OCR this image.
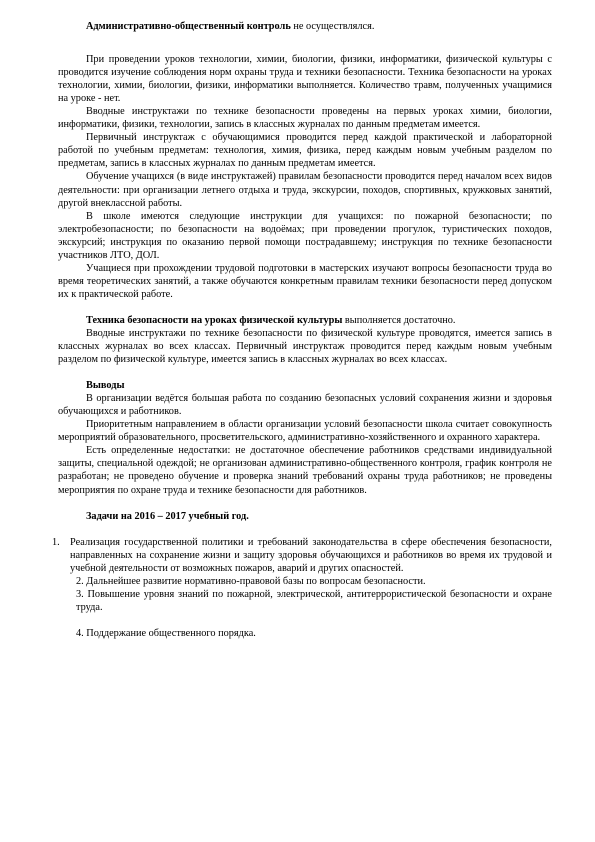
Административно-общественный контроль не осуществлялся.

При проведении уроков технологии, химии, биологии, физики, информатики, физической культуры с проводится изучение соблюдения норм охраны труда и техники безопасности. Техника безопасности на уроках технологии, химии, биологии, физики, информатики выполняется. Количество травм, полученных учащимися на уроке - нет.

Вводные инструктажи по технике безопасности проведены на первых уроках химии, биологии, информатики, физики, технологии, запись в классных журналах по данным предметам имеется.

Первичный инструктаж с обучающимися проводится перед каждой практической и лабораторной работой по учебным предметам: технология, химия, физика, перед каждым новым учебным разделом по предметам, запись в классных журналах по данным предметам имеется.

Обучение учащихся (в виде инструктажей) правилам безопасности проводится перед началом всех видов деятельности: при организации летнего отдыха и труда, экскурсии, походов, спортивных, кружковых занятий, другой внеклассной работы.

В школе имеются следующие инструкции для учащихся: по пожарной безопасности; по электробезопасности; по безопасности на водоёмах; при проведении прогулок, туристических походов, экскурсий; инструкция по оказанию первой помощи пострадавшему; инструкция по технике безопасности участников ЛТО, ДОЛ.

Учащиеся при прохождении трудовой подготовки в мастерских изучают вопросы безопасности труда во время теоретических занятий, а также обучаются конкретным правилам техники безопасности перед допуском их к практической работе.

Техника безопасности на уроках физической культуры выполняется достаточно.

Вводные инструктажи по технике безопасности по физической культуре проводятся, имеется запись в классных журналах во всех классах. Первичный инструктаж проводится перед каждым новым учебным разделом по физической культуре, имеется запись в классных журналах во всех классах.

Выводы

В организации ведётся большая работа по созданию безопасных условий сохранения жизни и здоровья обучающихся и работников.

Приоритетным направлением в области организации условий безопасности школа считает совокупность мероприятий образовательного, просветительского, административно-хозяйственного и охранного характера.

Есть определенные недостатки: не достаточное обеспечение работников средствами индивидуальной защиты, специальной одеждой; не организован административно-общественного контроля, график контроля не разработан; не проведено обучение и проверка знаний требований охраны труда работников; не проведены мероприятия по охране труда и технике безопасности для работников.

Задачи на 2016 – 2017 учебный год.

1. Реализация государственной политики и требований законодательства в сфере обеспечения безопасности, направленных на сохранение жизни и защиту здоровья обучающихся и работников во время их трудовой и учебной деятельности от возможных пожаров, аварий и других опасностей.

2. Дальнейшее развитие нормативно-правовой базы по вопросам безопасности.

3. Повышение уровня знаний по пожарной, электрической, антитеррористической безопасности и охране труда.

4. Поддержание общественного порядка.
